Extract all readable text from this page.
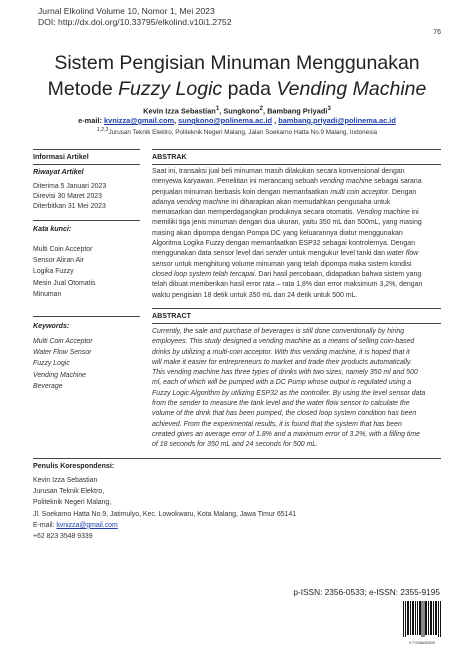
Jurnal Elkolind Volume 10, Nomor 1, Mei 2023
DOI: http://dx.doi.org/10.33795/elkolind.v10i1.2752
76
Sistem Pengisian Minuman Menggunakan
Metode Fuzzy Logic pada Vending Machine
Kevin Izza Sebastian$^1$, Sungkono$^2$, Bambang Priyadi$^3$
e-mail: kvnizza@gmail.com, sungkono@polinema.ac.id , bambang.priyadi@polinema.ac.id
$^{1,2,3}$Jurusan Teknik Elektro, Politeknik Negeri Malang, Jalan Soekarno Hatta No.9 Malang, Indonesia
Informasi Artikel
Riwayat Artikel
Diterima 5 Januari 2023
Direvisi 30 Maret 2023
Diterbitkan 31 Mei 2023
Kata kunci:
Multi Coin Acceptor
Sensor Aliran Air
Logika Fuzzy
Mesin Jual Otomatis
Minuman
Keywords:
Multi Coin Acceptor
Water Flow Sensor
Fuzzy Logic
Vending Machine
Beverage
ABSTRAK
Saat ini, transaksi jual beli minuman masih dilakukan secara konvensional dengan
menyewa karyawan. Penelitian ini merancang sebuah vending machine sebagai sarana
penjualan minuman berbasis koin dengan memanfaatkan multi coin acceptor. Dengan
adanya vending machine ini diharapkan akan memudahkan pengusaha untuk
memasarkan dan memperdagangkan produknya secara otomatis. Vending machine ini
memiliki tiga jenis minuman dengan dua ukuran, yaitu 350 mL dan 500mL, yang masing
masing akan dipompa dengan Pompa DC yang keluarannya diatur menggunakan
Algoritma Logika Fuzzy dengan memanfaatkan ESP32 sebagai kontrolernya. Dengan
menggunakan data sensor level dari sender untuk mengukur level tanki dan water flow
sensor untuk menghitung volume minuman yang telah dipompa maka sistem kondisi
closed loop system telah tercapai. Dari hasil percobaan, didapatkan bahwa sistem yang
telah dibuat memberikan hasil error rata – rata 1,8% dan error maksimum 3,2%, dengan
waktu pengisian 18 detik untuk 350 mL dan 24 detik untuk 500 mL.
ABSTRACT
Currently, the sale and purchase of beverages is still done conventionally by hiring
employees. This study designed a vending machine as a means of selling coin-based
drinks by utilizing a multi-coin acceptor. With this vending machine, it is hoped that it
will make it easier for entrepreneurs to market and trade their products automatically.
This vending machine has three types of drinks with two sizes, namely 350 ml and 500
ml, each of which will be pumped with a DC Pump whose output is regulated using a
Fuzzy Logic Algorithm by utilizing ESP32 as the controller. By using the level sensor data
from the sender to measure the tank level and the water flow sensor to calculate the
volume of the drink that has been pumped, the closed loop system condition has been
achieved. From the experimental results, it is found that the system that has been
created gives an average error of 1.8% and a maximum error of 3.2%, with a filling time
of 18 seconds for 350 mL and 24 seconds for 500 mL.
Penulis Korespondensi:
Kevin Izza Sebastian
Jurusan Teknik Elektro,
Politeknik Negeri Malang,
Jl. Soekarno Hatta No.9, Jatimulyo, Kec. Lowokwaru, Kota Malang, Jawa Timur 65141
E-mail: kvnizza@gmail.com
+62 823 3548 9339
p-ISSN: 2356-0533; e-ISSN: 2355-9195
9 772356053005
